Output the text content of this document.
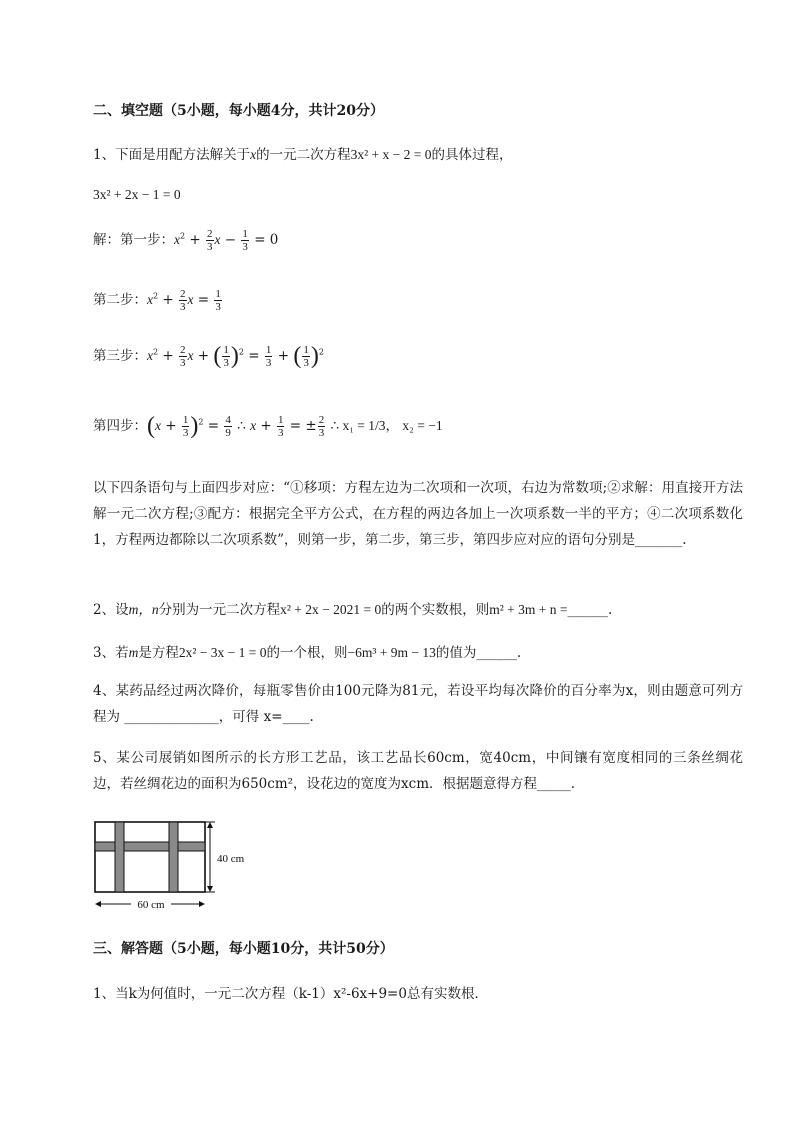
二、填空题（5小题，每小题4分，共计20分）
1、下面是用配方法解关于x的一元二次方程3x² + x − 2 = 0的具体过程，
3x² + 2x − 1 = 0
解：第一步：$x^2 + \frac{2}{3}$ $x - \frac{1}{3} = 0$
第二步：$x^2 + \frac{2}{3}$ $x = \frac{1}{3}$
第三步：$x^2 + \frac{2}{3}$ x + ( $\frac{1}{3} )^2 = \frac{1}{3}$ + ( $\frac{1}{3} )^2$
第四步：$(x + \frac{1}{3} )^2 = \frac{4}{9}$ ∴ $x + \frac{1}{3}$ = ± $\frac{2}{3}$ ∴ x₁ = 1/3， x₂ = −1
以下四条语句与上面四步对应：“①移项：方程左边为二次项和一次项，右边为常数项;②求解：用直接开方法解一元二次方程;③配方：根据完全平方公式，在方程的两边各加上一次项系数一半的平方；④二次项系数化1，方程两边都除以二次项系数”，则第一步，第二步，第三步，第四步应对应的语句分别是_______.
2、设m，n分别为一元二次方程x² + 2x − 2021 = 0的两个实数根，则m² + 3m + n =______.
3、若m是方程2x² − 3x − 1 = 0的一个根，则−6m³ + 9m − 13的值为______.
4、某药品经过两次降价，每瓶零售价由100元降为81元，若设平均每次降价的百分率为x，则由题意可列方程为 ______________，可得 x=____.
5、某公司展销如图所示的长方形工艺品，该工艺品长60cm，宽40cm，中间镶有宽度相同的三条丝绸花边，若丝绸花边的面积为650cm²，设花边的宽度为xcm．根据题意得方程_____.
60 cm
40 cm
三、解答题（5小题，每小题10分，共计50分）
1、当k为何值时，一元二次方程（k-1）x²-6x+9=0总有实数根．
